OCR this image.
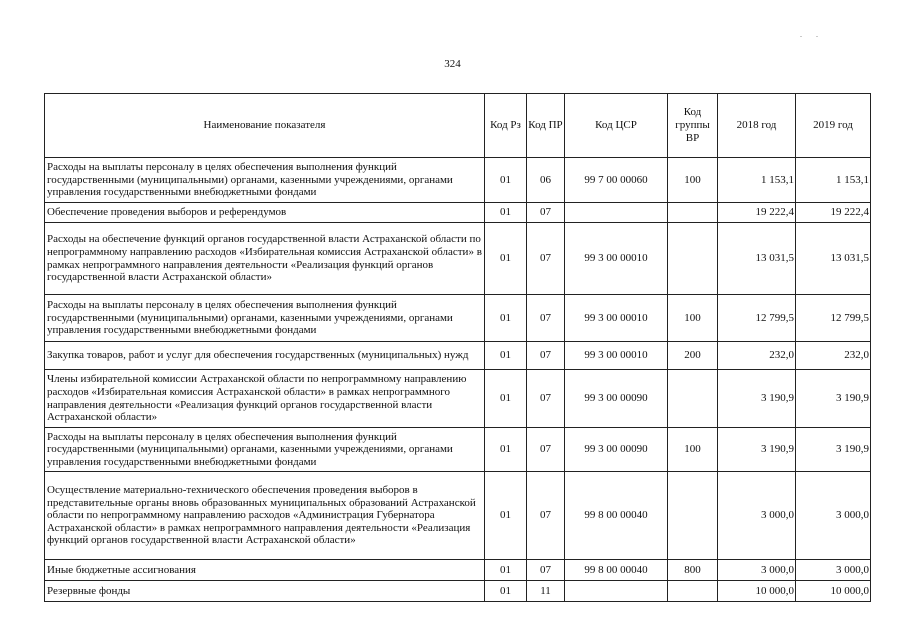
324
. .
Наименование показателя	Код Рз	Код ПР	Код ЦСР	Код группы ВР	2018 год	2019 год
Расходы на выплаты персоналу в целях обеспечения выполнения функций государственными (муниципальными) органами, казенными учреждениями, органами управления государственными внебюджетными фондами	01	06	99 7 00 00060	100	1 153,1	1 153,1
Обеспечение проведения выборов и референдумов	01	07			19 222,4	19 222,4
Расходы на обеспечение функций органов государственной власти Астраханской области по непрограммному направлению расходов «Избирательная комиссия Астраханской области» в рамках непрограммного направления деятельности «Реализация функций органов государственной власти Астраханской области»	01	07	99 3 00 00010		13 031,5	13 031,5
Расходы на выплаты персоналу в целях обеспечения выполнения функций государственными (муниципальными) органами, казенными учреждениями, органами управления государственными внебюджетными фондами	01	07	99 3 00 00010	100	12 799,5	12 799,5
Закупка товаров, работ и услуг для обеспечения государственных (муниципальных) нужд	01	07	99 3 00 00010	200	232,0	232,0
Члены избирательной комиссии Астраханской области по непрограммному направлению расходов «Избирательная комиссия Астраханской области» в рамках непрограммного направления деятельности «Реализация функций органов государственной власти Астраханской области»	01	07	99 3 00 00090		3 190,9	3 190,9
Расходы на выплаты персоналу в целях обеспечения выполнения функций государственными (муниципальными) органами, казенными учреждениями, органами управления государственными внебюджетными фондами	01	07	99 3 00 00090	100	3 190,9	3 190,9
Осуществление материально-технического обеспечения проведения выборов в представительные органы вновь образованных муниципальных образований Астраханской области по непрограммному направлению расходов «Администрация Губернатора Астраханской области» в рамках непрограммного направления деятельности «Реализация функций органов государственной власти Астраханской области»	01	07	99 8 00 00040		3 000,0	3 000,0
Иные бюджетные ассигнования	01	07	99 8 00 00040	800	3 000,0	3 000,0
Резервные фонды	01	11			10 000,0	10 000,0
